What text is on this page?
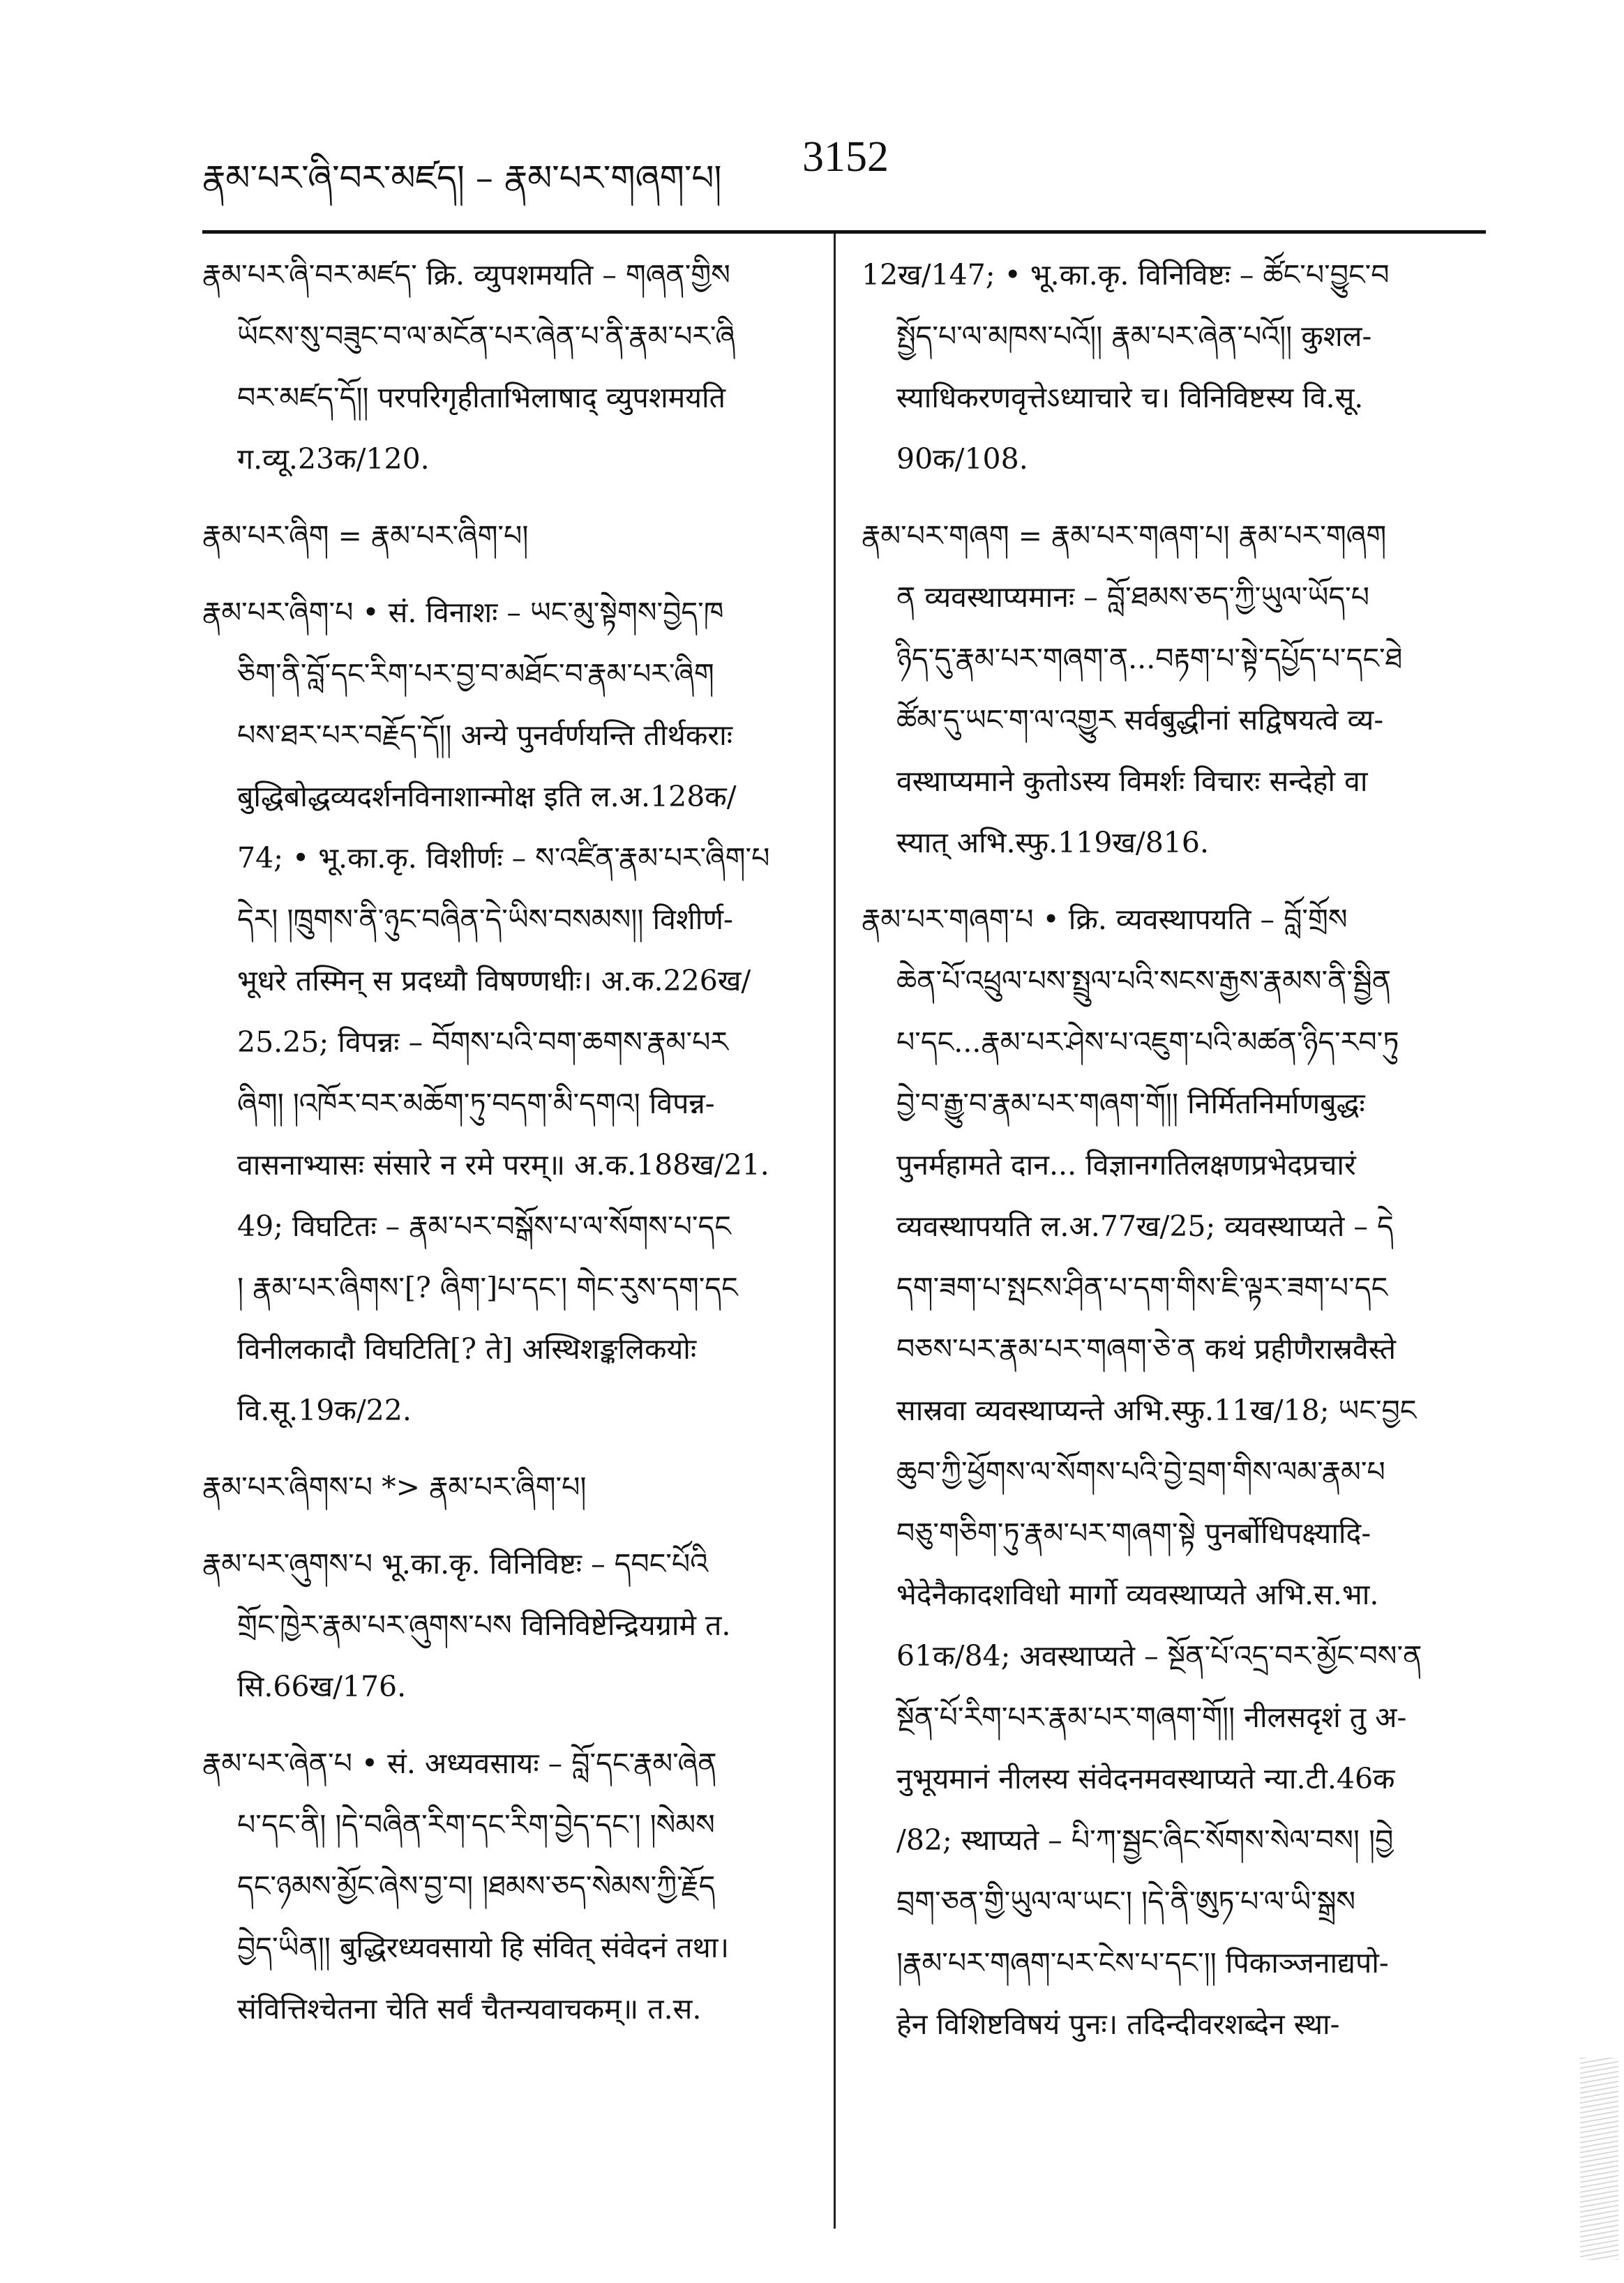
རྣམ་པར་ཞི་བར་མཛད། – རྣམ་པར་གཞག་པ། 3152
རྣམ་པར་ཞི་བར་མཛད་ क्रि. व्युपशमयति – གཞན་གྱིས
ཡོངས་སུ་བཟུང་བ་ལ་མངོན་པར་ཞེན་པ་ནི་རྣམ་པར་ཞི
བར་མཛད་དོ།། परपरिगृहीताभिलाषाद् व्युपशमयति
ग.व्यू.23क/120.
རྣམ་པར་ཞིག = རྣམ་པར་ཞིག་པ།
རྣམ་པར་ཞིག་པ • सं. विनाशः – ཡང་མུ་སྟེགས་བྱེད་ཁ
ཅིག་ནི་བློ་དང་རིག་པར་བྱ་བ་མཐོང་བ་རྣམ་པར་ཞིག
པས་ཐར་པར་བརྗོད་དོ།། अन्ये पुनर्वर्णयन्ति तीर्थकराः
बुद्धिबोद्धव्यदर्शनविनाशान्मोक्ष इति ल.अ.128क/
74; • भू.का.कृ. विशीर्णः – ས་འཛིན་རྣམ་པར་ཞིག་པ
དེར། །ཁྲུགས་ནི་ཉུང་བཞིན་དེ་ཡིས་བསམས།། विशीर्ण-
भूधरे तस्मिन् स प्रदध्यौ विषण्णधीः। अ.क.226ख/
25.25; विपन्नः – བོགས་པའི་བག་ཆགས་རྣམ་པར
ཞིག། །འཁོར་བར་མཆོག་ཏུ་བདག་མི་དགའ། विपन्न-
वासनाभ्यासः संसारे न रमे परम्॥ अ.क.188ख/21.
49; विघटितः – རྣམ་པར་བསྒོས་པ་ལ་སོགས་པ་དང
། རྣམ་པར་ཞིགས་[? ཞིག་]པ་དང་། གེང་རུས་དག་དང
विनीलकादौ विघटिति[? ते] अस्थिशङ्कलिकयोः
वि.सू.19क/22.
རྣམ་པར་ཞིགས་པ *> རྣམ་པར་ཞིག་པ།
རྣམ་པར་ཞུགས་པ भू.का.कृ. विनिविष्टः – དབང་པོའི
གྲོང་ཁྱེར་རྣམ་པར་ཞུགས་པས विनिविष्टेन्द्रियग्रामे त.
सि.66ख/176.
རྣམ་པར་ཞེན་པ • सं. अध्यवसायः – བློ་དང་རྣམ་ཞེན
པ་དང་ནི། །དེ་བཞིན་རིག་དང་རིག་བྱེད་དང་། །སེམས
དང་ཉམས་མྱོང་ཞེས་བྱ་བ། །ཐམས་ཅད་སེམས་ཀྱི་རྗོད
བྱེད་ཡིན།། बुद्धिरध्यवसायो हि संवित् संवेदनं तथा।
संवित्तिश्चेतना चेति सर्वं चैतन्यवाचकम्॥ त.स.
12ख/147; • भू.का.कृ. विनिविष्टः – ཚོང་པ་བྱུང་བ
སྤྱོད་པ་ལ་མཁས་པའོ།། རྣམ་པར་ཞེན་པའོ།། कुशल-
स्याधिकरणवृत्तेऽध्याचारे च। विनिविष्टस्य वि.सू.
90क/108.
རྣམ་པར་གཞག = རྣམ་པར་གཞག་པ། རྣམ་པར་གཞག
ན व्यवस्थाप्यमानः – བློ་ཐམས་ཅད་ཀྱི་ཡུལ་ཡོད་པ
ཉིད་དུ་རྣམ་པར་གཞག་ན...བརྟག་པ་སྟེ་དཔྱོད་པ་དང་ཐེ
ཚོམ་དུ་ཡང་ག་ལ་འགྱུར सर्वबुद्धीनां सद्विषयत्वे व्य-
वस्थाप्यमाने कुतोऽस्य विमर्शः विचारः सन्देहो वा
स्यात् अभि.स्फु.119ख/816.
རྣམ་པར་གཞག་པ • क्रि. व्यवस्थापयति – བློ་གྲོས
ཆེན་པོ་འཕྲུལ་པས་སྤྲུལ་པའི་སངས་རྒྱས་རྣམས་ནི་སྦྱིན
པ་དང...རྣམ་པར་ཤེས་པ་འཇུག་པའི་མཚན་ཉིད་རབ་ཏུ
བྱེ་བ་རྒྱུ་བ་རྣམ་པར་གཞག་གོ།། निर्मितनिर्माणबुद्धः
पुनर्महामते दान... विज्ञानगतिलक्षणप्रभेदप्रचारं
व्यवस्थापयति ल.अ.77ख/25; व्यवस्थाप्यते – དེ
དག་ཟག་པ་སྤངས་ཤིན་པ་དག་གིས་ཇི་ལྟར་ཟག་པ་དང
བཅས་པར་རྣམ་པར་གཞག་ཅེ་ན कथं प्रहीणैरास्रवैस्ते
सास्रवा व्यवस्थाप्यन्ते अभि.स्फु.11ख/18; ཡང་བྱང
ཆུབ་ཀྱི་ཕྱོགས་ལ་སོགས་པའི་བྱེ་བྲག་གིས་ལམ་རྣམ་པ
བཅུ་གཅིག་ཏུ་རྣམ་པར་གཞག་སྟེ पुनर्बोधिपक्ष्यादि-
भेदेनैकादशविधो मार्गो व्यवस्थाप्यते अभि.स.भा.
61क/84; अवस्थाप्यते – སྔོན་པོ་འདྲ་བར་མྱོང་བས་ན
སྔོན་པོ་རིག་པར་རྣམ་པར་གཞག་གོ།། नीलसदृशं तु अ-
नुभूयमानं नीलस्य संवेदनमवस्थाप्यते न्या.टी.46क
/82; स्थाप्यते – པི་ཀ་སྦྱང་ཞིང་སོགས་སེལ་བས། །བྱེ
བྲག་ཅན་གྱི་ཡུལ་ལ་ཡང་། །དེ་ནི་ཨུཏ་པ་ལ་ཡི་སྒྲས
།རྣམ་པར་གཞག་པར་ངེས་པ་དང་།། पिकाञ्जनाद्यपो-
हेन विशिष्टविषयं पुनः। तदिन्दीवरशब्देन स्था-
